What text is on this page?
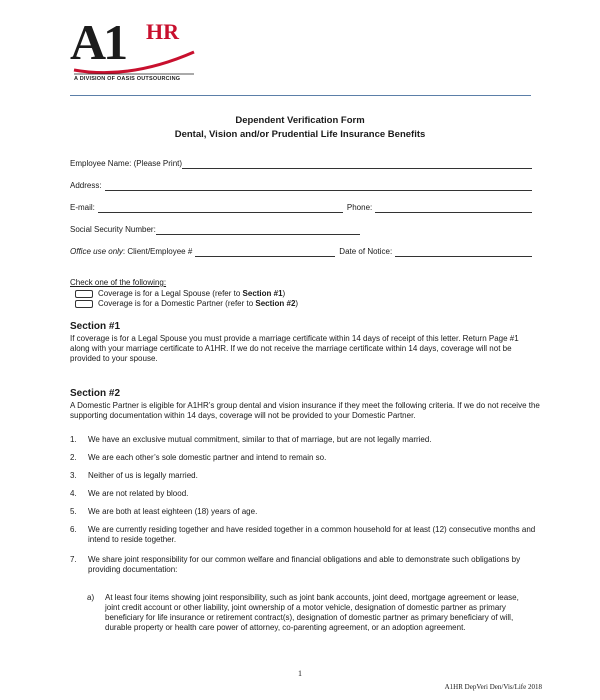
A1 HR
A DIVISION OF OASIS OUTSOURCING
Dependent Verification Form
Dental, Vision and/or Prudential Life Insurance Benefits
Employee Name: (Please Print)
Address:
E-mail:	Phone:
Social Security Number:
Office use only : Client/Employee #	Date of Notice:
Check one of the following:
Coverage is for a Legal Spouse (refer to Section #1)
Coverage is for a Domestic Partner (refer to Section #2)
Section #1
If coverage is for a Legal Spouse you must provide a marriage certificate within 14 days of receipt of this letter. Return Page #1 along with your marriage certificate to A1HR. If we do not receive the marriage certificate within 14 days, coverage will not be provided to your spouse.
Section #2
A Domestic Partner is eligible for A1HR’s group dental and vision insurance if they meet the following criteria. If we do not receive the supporting documentation within 14 days, coverage will not be provided to your Domestic Partner.
1.	We have an exclusive mutual commitment, similar to that of marriage, but are not legally married.
2.	We are each other’s sole domestic partner and intend to remain so.
3.	Neither of us is legally married.
4.	We are not related by blood.
5.	We are both at least eighteen (18) years of age.
6.	We are currently residing together and have resided together in a common household for at least (12) consecutive months and intend to reside together.
7.	We share joint responsibility for our common welfare and financial obligations and able to demonstrate such obligations by providing documentation:
a)	At least four items showing joint responsibility, such as joint bank accounts, joint deed, mortgage agreement or lease, joint credit account or other liability, joint ownership of a motor vehicle, designation of domestic partner as primary beneficiary for life insurance or retirement contract(s), designation of domestic partner as primary beneficiary of will, durable property or health care power of attorney, co-parenting agreement, or an adoption agreement.
1
A1HR DepVeri Den/Vis/Life 2018
